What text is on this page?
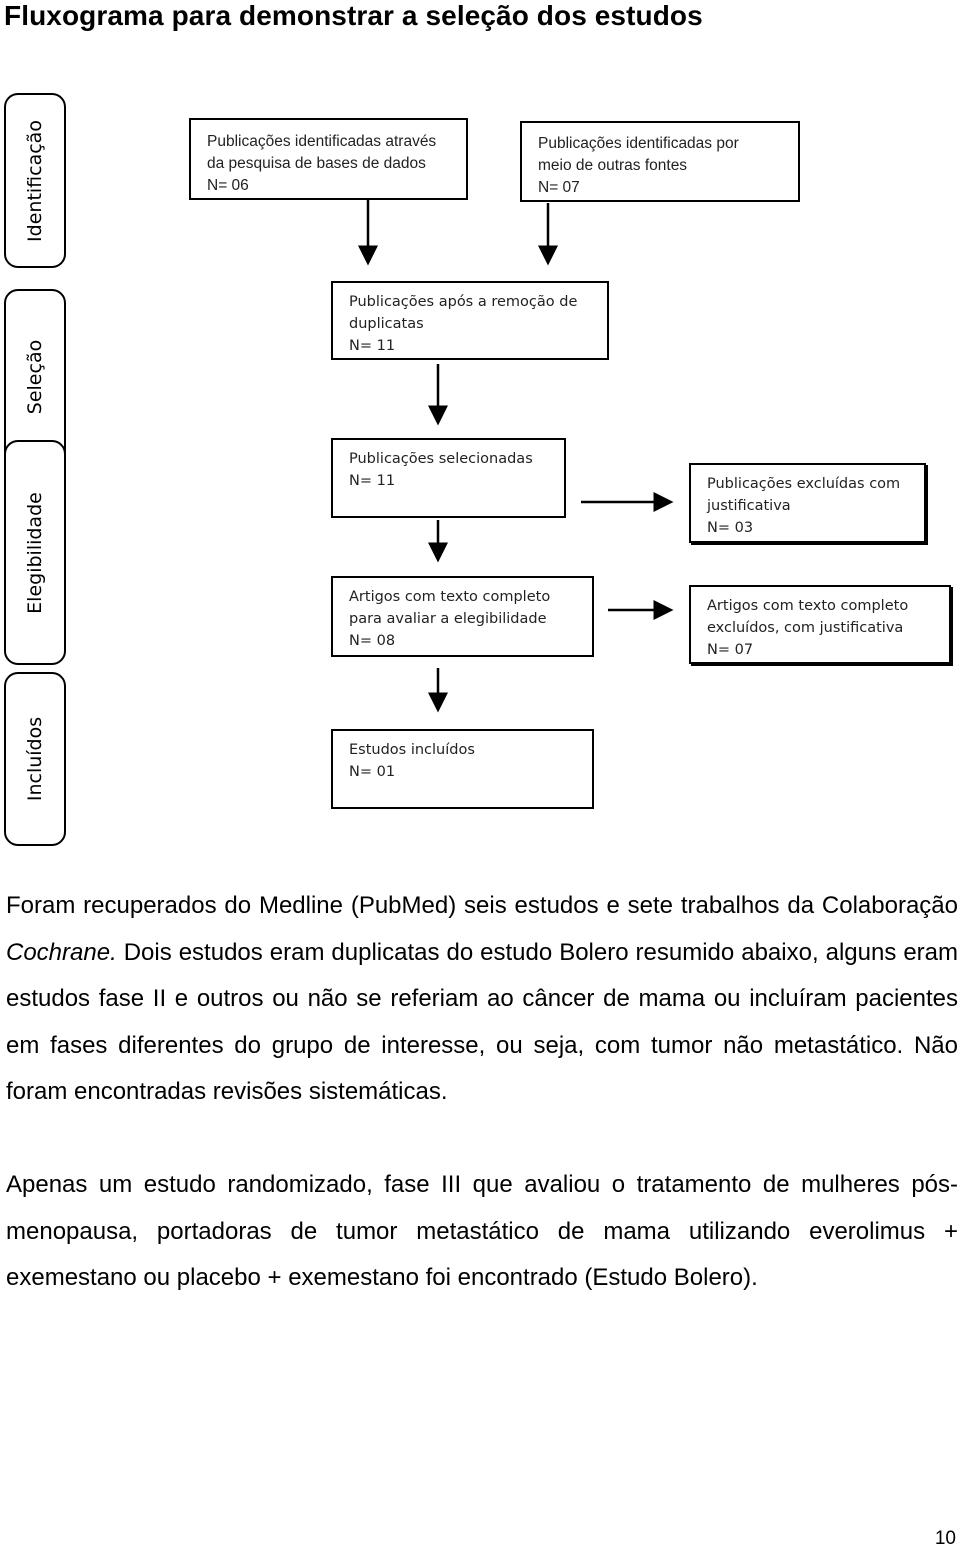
Fluxograma para demonstrar a seleção dos estudos
Identificação
Seleção
Elegibilidade
Incluídos
Publicações identificadas através
da pesquisa de bases de dados
N= 06
Publicações identificadas por
meio de outras fontes
N= 07
Publicações após a remoção de
duplicatas
N= 11
Publicações selecionadas
N= 11	Publicações excluídas com
justificativa
N= 03
Artigos com texto completo
para avaliar a elegibilidade
N= 08
Artigos com texto completo
excluídos, com justificativa
N= 07
Estudos incluídos
N= 01

Foram recuperados do Medline (PubMed) seis estudos e sete trabalhos da Colaboração Cochrane. Dois estudos eram duplicatas do estudo Bolero resumido abaixo, alguns eram estudos fase II e outros ou não se referiam ao câncer de mama ou incluíram pacientes em fases diferentes do grupo de interesse, ou seja, com tumor não metastático. Não foram encontradas revisões sistemáticas.

Apenas um estudo randomizado, fase III que avaliou o tratamento de mulheres pós-menopausa, portadoras de tumor metastático de mama utilizando everolimus + exemestano ou placebo + exemestano foi encontrado (Estudo Bolero).

10
